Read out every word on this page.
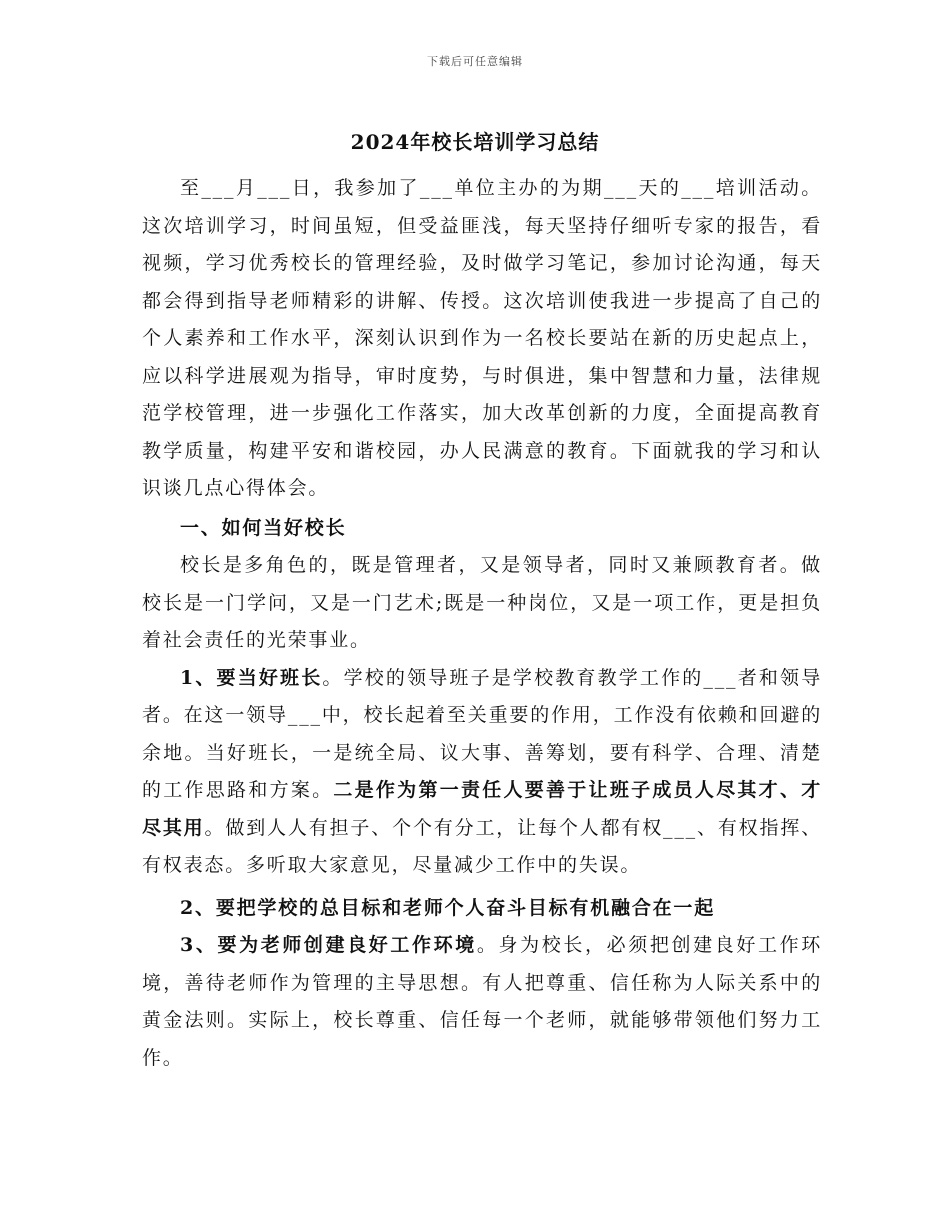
下载后可任意编辑
2024年校长培训学习总结

至___月___日，我参加了___单位主办的为期___天的___培训活动。这次培训学习，时间虽短，但受益匪浅，每天坚持仔细听专家的报告，看视频，学习优秀校长的管理经验，及时做学习笔记，参加讨论沟通，每天都会得到指导老师精彩的讲解、传授。这次培训使我进一步提高了自己的个人素养和工作水平，深刻认识到作为一名校长要站在新的历史起点上，应以科学进展观为指导，审时度势，与时俱进，集中智慧和力量，法律规范学校管理，进一步强化工作落实，加大改革创新的力度，全面提高教育教学质量，构建平安和谐校园，办人民满意的教育。下面就我的学习和认识谈几点心得体会。

一、如何当好校长

校长是多角色的，既是管理者，又是领导者，同时又兼顾教育者。做校长是一门学问，又是一门艺术;既是一种岗位，又是一项工作，更是担负着社会责任的光荣事业。

1、要当好班长。学校的领导班子是学校教育教学工作的___者和领导者。在这一领导___中，校长起着至关重要的作用，工作没有依赖和回避的余地。当好班长，一是统全局、议大事、善筹划，要有科学、合理、清楚的工作思路和方案。二是作为第一责任人要善于让班子成员人尽其才、才尽其用。做到人人有担子、个个有分工，让每个人都有权___、有权指挥、有权表态。多听取大家意见，尽量减少工作中的失误。

2、要把学校的总目标和老师个人奋斗目标有机融合在一起

3、要为老师创建良好工作环境。身为校长，必须把创建良好工作环境，善待老师作为管理的主导思想。有人把尊重、信任称为人际关系中的黄金法则。实际上，校长尊重、信任每一个老师，就能够带领他们努力工作。
